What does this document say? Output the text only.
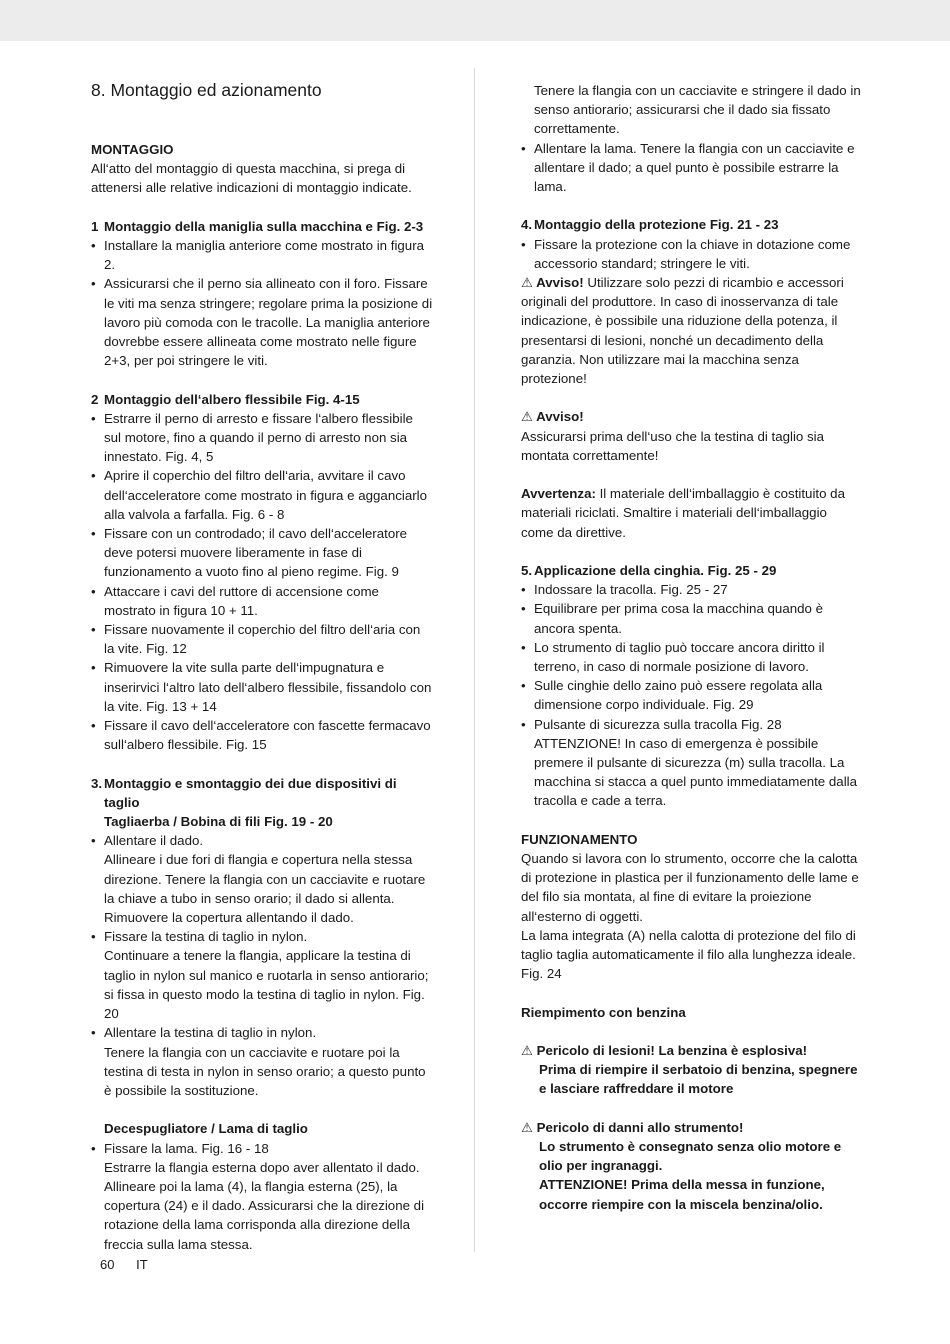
8. Montaggio ed azionamento

MONTAGGIO

All‘atto del montaggio di questa macchina, si prega di attenersi alle relative indicazioni di montaggio indicate.

1 Montaggio della maniglia sulla macchina e Fig. 2-3

• Installare la maniglia anteriore come mostrato in figura 2.

• Assicurarsi che il perno sia allineato con il foro. Fissare le viti ma senza stringere; regolare prima la posizione di lavoro più comoda con le tracolle. La maniglia anteriore dovrebbe essere allineata come mostrato nelle figure 2+3, per poi stringere le viti.

2 Montaggio dell‘albero flessibile Fig. 4-15

• Estrarre il perno di arresto e fissare l‘albero flessibile sul motore, fino a quando il perno di arresto non sia innestato. Fig. 4, 5

• Aprire il coperchio del filtro dell‘aria, avvitare il cavo dell‘acceleratore come mostrato in figura e agganciarlo alla valvola a farfalla. Fig. 6 - 8

• Fissare con un controdado; il cavo dell‘acceleratore deve potersi muovere liberamente in fase di funzionamento a vuoto fino al pieno regime. Fig. 9

• Attaccare i cavi del ruttore di accensione come mostrato in figura 10 + 11.

• Fissare nuovamente il coperchio del filtro dell‘aria con la vite. Fig. 12

• Rimuovere la vite sulla parte dell‘impugnatura e inserirvici l‘altro lato dell‘albero flessibile, fissandolo con la vite. Fig. 13 + 14

• Fissare il cavo dell‘acceleratore con fascette fermacavo sull‘albero flessibile. Fig. 15

3. Montaggio e smontaggio dei due dispositivi di taglio

Tagliaerba / Bobina di fili Fig. 19 - 20

• Allentare il dado.

Allineare i due fori di flangia e copertura nella stessa direzione. Tenere la flangia con un cacciavite e ruotare la chiave a tubo in senso orario; il dado si allenta. Rimuovere la copertura allentando il dado.

• Fissare la testina di taglio in nylon.

Continuare a tenere la flangia, applicare la testina di taglio in nylon sul manico e ruotarla in senso antiorario; si fissa in questo modo la testina di taglio in nylon. Fig. 20

• Allentare la testina di taglio in nylon.

Tenere la flangia con un cacciavite e ruotare poi la testina di testa in nylon in senso orario; a questo punto è possibile la sostituzione.

Decespugliatore / Lama di taglio

• Fissare la lama. Fig. 16 - 18

Estrarre la flangia esterna dopo aver allentato il dado. Allineare poi la lama (4), la flangia esterna (25), la copertura (24) e il dado. Assicurarsi che la direzione di rotazione della lama corrisponda alla direzione della freccia sulla lama stessa.

Tenere la flangia con un cacciavite e stringere il dado in senso antiorario; assicurarsi che il dado sia fissato correttamente.

• Allentare la lama. Tenere la flangia con un cacciavite e allentare il dado; a quel punto è possibile estrarre la lama.

4. Montaggio della protezione Fig. 21 - 23

• Fissare la protezione con la chiave in dotazione come accessorio standard; stringere le viti.

⚠ Avviso! Utilizzare solo pezzi di ricambio e accessori originali del produttore. In caso di inosservanza di tale indicazione, è possibile una riduzione della potenza, il presentarsi di lesioni, nonché un decadimento della garanzia. Non utilizzare mai la macchina senza protezione!

⚠ Avviso!

Assicurarsi prima dell‘uso che la testina di taglio sia montata correttamente!

Avvertenza: Il materiale dell‘imballaggio è costituito da materiali riciclati. Smaltire i materiali dell‘imballaggio come da direttive.

5. Applicazione della cinghia. Fig. 25 - 29

• Indossare la tracolla. Fig. 25 - 27

• Equilibrare per prima cosa la macchina quando è ancora spenta.

• Lo strumento di taglio può toccare ancora diritto il terreno, in caso di normale posizione di lavoro.

• Sulle cinghie dello zaino può essere regolata alla dimensione corpo individuale. Fig. 29

• Pulsante di sicurezza sulla tracolla Fig. 28 ATTENZIONE! In caso di emergenza è possibile premere il pulsante di sicurezza (m) sulla tracolla. La macchina si stacca a quel punto immediatamente dalla tracolla e cade a terra.

FUNZIONAMENTO

Quando si lavora con lo strumento, occorre che la calotta di protezione in plastica per il funzionamento delle lame e del filo sia montata, al fine di evitare la proiezione all‘esterno di oggetti.

La lama integrata (A) nella calotta di protezione del filo di taglio taglia automaticamente il filo alla lunghezza ideale. Fig. 24

Riempimento con benzina

⚠ Pericolo di lesioni! La benzina è esplosiva!

Prima di riempire il serbatoio di benzina, spegnere e lasciare raffreddare il motore

⚠ Pericolo di danni allo strumento!

Lo strumento è consegnato senza olio motore e olio per ingranaggi.

ATTENZIONE! Prima della messa in funzione, occorre riempire con la miscela benzina/olio.

60 IT
